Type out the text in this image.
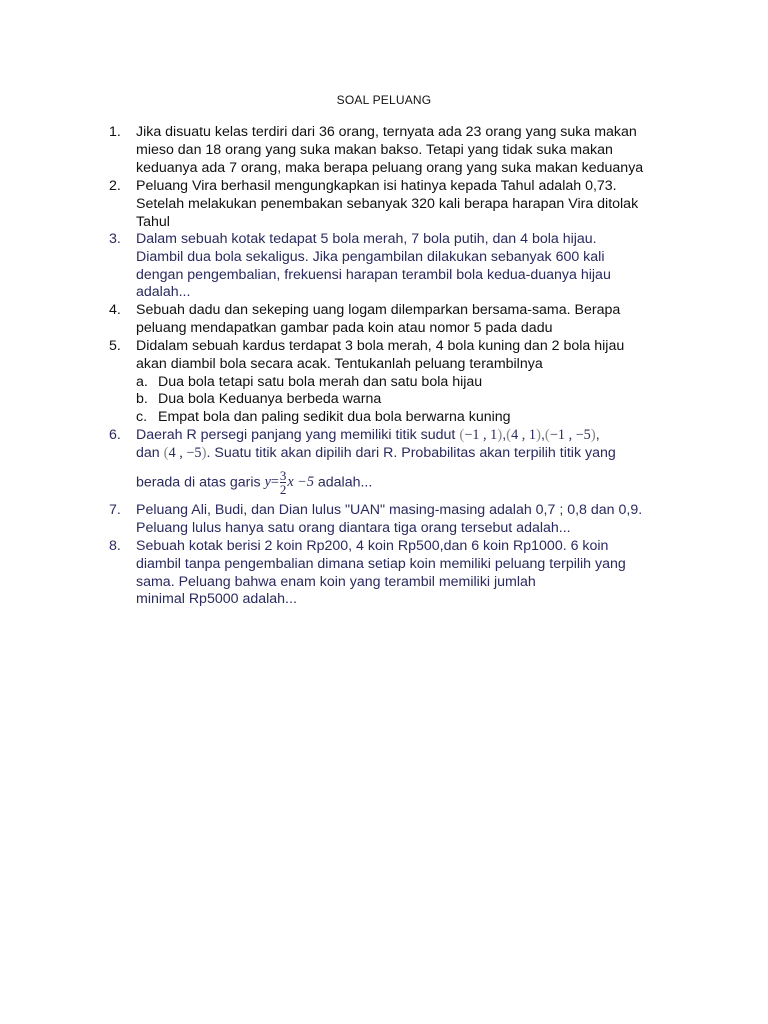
SOAL PELUANG
1.	Jika disuatu kelas terdiri dari 36 orang, ternyata ada 23 orang yang suka makan
mieso dan 18 orang yang suka makan bakso. Tetapi yang tidak suka makan
keduanya ada 7 orang, maka berapa peluang orang yang suka makan keduanya
2.	Peluang Vira berhasil mengungkapkan isi hatinya kepada Tahul adalah 0,73.
Setelah melakukan penembakan sebanyak 320 kali berapa harapan Vira ditolak
Tahul
3.	Dalam sebuah kotak tedapat 5 bola merah, 7 bola putih, dan 4 bola hijau.
Diambil dua bola sekaligus. Jika pengambilan dilakukan sebanyak 600 kali
dengan pengembalian, frekuensi harapan terambil bola kedua-duanya hijau
adalah...
4.	Sebuah dadu dan sekeping uang logam dilemparkan bersama-sama. Berapa
peluang mendapatkan gambar pada koin atau nomor 5 pada dadu
5.	Didalam sebuah kardus terdapat 3 bola merah, 4 bola kuning dan 2 bola hijau
akan diambil bola secara acak. Tentukanlah peluang terambilnya
a. Dua bola tetapi satu bola merah dan satu bola hijau
b. Dua bola Keduanya berbeda warna
c. Empat bola dan paling sedikit dua bola berwarna kuning
6.	Daerah R persegi panjang yang memiliki titik sudut (−1 , 1),(4 , 1),(−1 , −5),
dan (4 , −5). Suatu titik akan dipilih dari R. Probabilitas akan terpilih titik yang
berada di atas garis $y= \frac{3}{2}$ x −5 adalah...
7.	Peluang Ali, Budi, dan Dian lulus "UAN" masing-masing adalah 0,7 ; 0,8 dan 0,9.
Peluang lulus hanya satu orang diantara tiga orang tersebut adalah...
8.	Sebuah kotak berisi 2 koin Rp200, 4 koin Rp500,dan 6 koin Rp1000. 6 koin
diambil tanpa pengembalian dimana setiap koin memiliki peluang terpilih yang
sama. Peluang bahwa enam koin yang terambil memiliki jumlah
minimal Rp5000 adalah...
